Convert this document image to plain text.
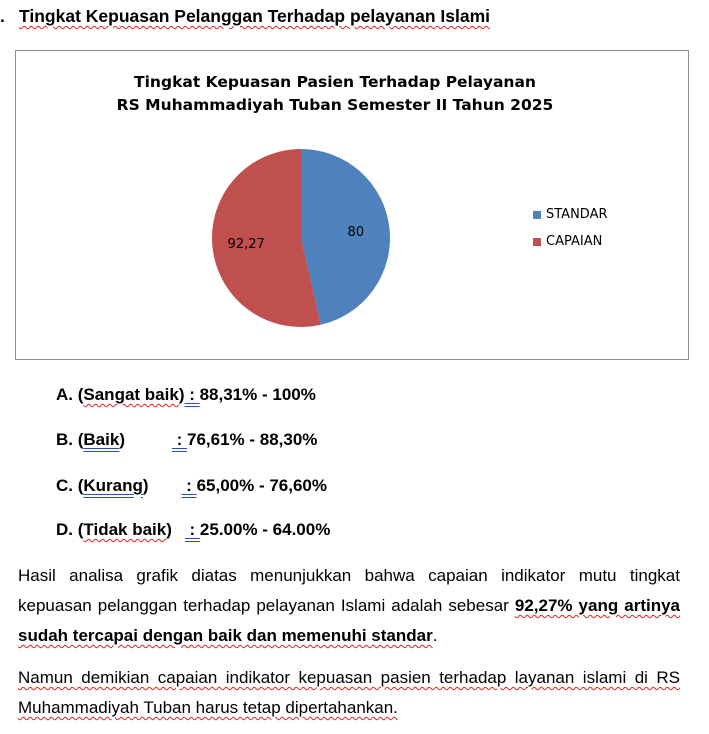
. Tingkat Kepuasan Pelanggan Terhadap pelayanan Islami
Tingkat Kepuasan Pasien Terhadap Pelayanan
RS Muhammadiyah Tuban Semester II Tahun 2025
80
92,27
STANDAR
CAPAIAN
A. (Sangat baik) : 88,31% - 100%
B. (Baik)	: 76,61% - 88,30%
C. (Kurang) : 65,00% - 76,60%
D. (Tidak baik) : 25.00% - 64.00%
Hasil analisa grafik diatas menunjukkan bahwa capaian indikator mutu tingkat kepuasan pelanggan terhadap pelayanan Islami adalah sebesar 92,27% yang artinya sudah tercapai dengan baik dan memenuhi standar.
Namun demikian capaian indikator kepuasan pasien terhadap layanan islami di RS Muhammadiyah Tuban harus tetap dipertahankan.
